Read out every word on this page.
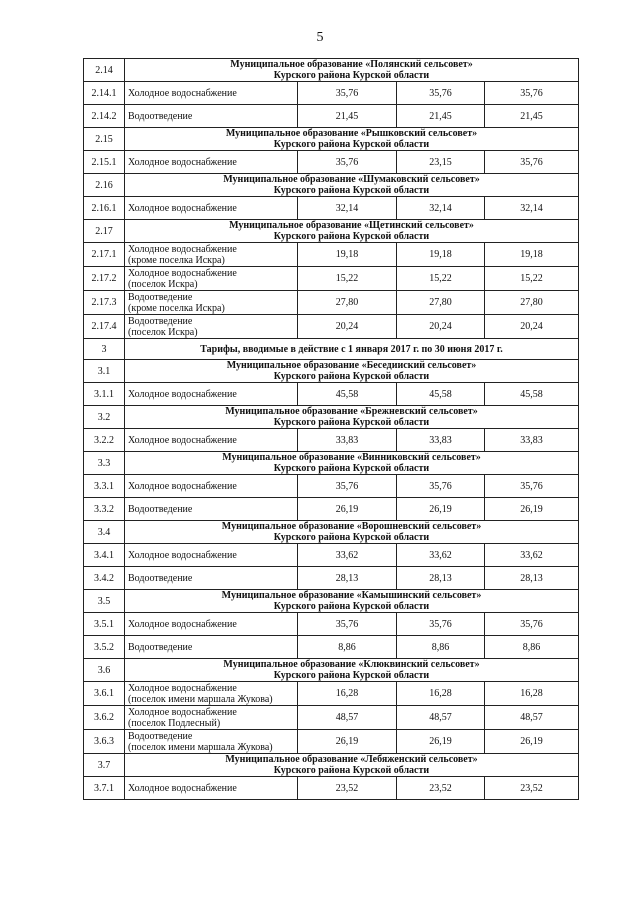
5
2.14	Муниципальное образование «Полянский сельсовет»
Курского района Курской области			

2.14.1	Холодное водоснабжение	35,76	35,76	35,76
2.14.2	Водоотведение	21,45	21,45	21,45
2.15	Муниципальное образование «Рышковский сельсовет»
Курского района Курской области			

2.15.1	Холодное водоснабжение	35,76	23,15	35,76
2.16	Муниципальное образование «Шумаковский сельсовет»
Курского района Курской области			

2.16.1	Холодное водоснабжение	32,14	32,14	32,14
2.17	Муниципальное образование «Щетинский сельсовет»
Курского района Курской области			

2.17.1	Холодное водоснабжение
(кроме поселка Искра)	19,18	19,18	19,18
2.17.2	Холодное водоснабжение
(поселок Искра)	15,22	15,22	15,22
2.17.3	Водоотведение
(кроме поселка Искра)	27,80	27,80	27,80
2.17.4	Водоотведение
(поселок Искра)	20,24	20,24	20,24
3	Тарифы, вводимые в действие с 1 января 2017 г. по 30 июня 2017 г.			
3.1	Муниципальное образование «Беседииский сельсовет»
Курского района Курской области			

3.1.1	Холодное водоснабжение	45,58	45,58	45,58
3.2	Муниципальное образование «Брежневский сельсовет»
Курского района Курской области			

3.2.2	Холодное водоснабжение	33,83	33,83	33,83
3.3	Муниципальное образование «Винниковский сельсовет»
Курского района Курской области			

3.3.1	Холодное водоснабжение	35,76	35,76	35,76
3.3.2	Водоотведение	26,19	26,19	26,19
3.4	Муниципальное образование «Ворошневский сельсовет»
Курского района Курской области			

3.4.1	Холодное водоснабжение	33,62	33,62	33,62
3.4.2	Водоотведение	28,13	28,13	28,13
3.5	Муниципальное образование «Камышинский сельсовет»
Курского района Курской области			

3.5.1	Холодное водоснабжение	35,76	35,76	35,76
3.5.2	Водоотведение	8,86	8,86	8,86
3.6	Муниципальное образование «Клюквинский сельсовет»
Курского района Курской области			

3.6.1	Холодное водоснабжение
(поселок имени маршала Жукова)	16,28	16,28	16,28
3.6.2	Холодное водоснабжение
(поселок Подлесный)	48,57	48,57	48,57
3.6.3	Водоотведение
(поселок имени маршала Жукова)	26,19	26,19	26,19
3.7	Муниципальное образование «Лебяженский сельсовет»
Курского района Курской области			

3.7.1	Холодное водоснабжение	23,52	23,52	23,52
